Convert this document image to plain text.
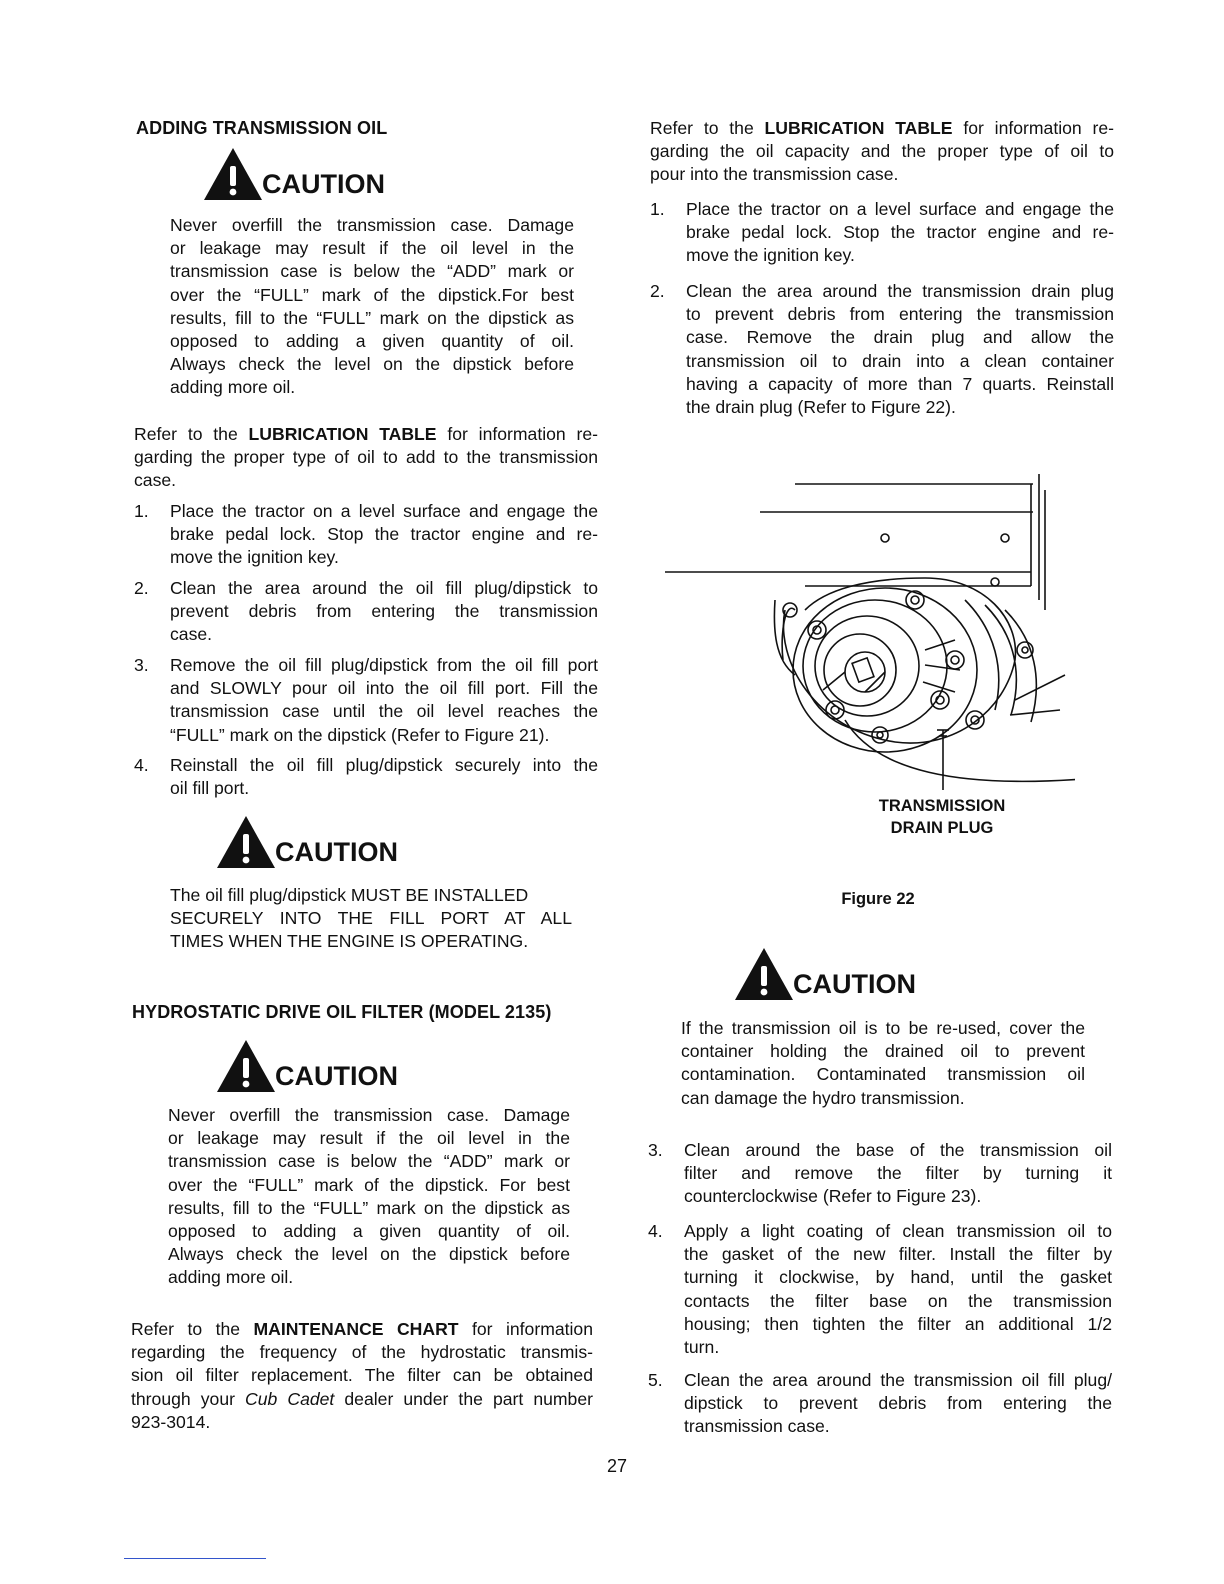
ADDING TRANSMISSION OIL
CAUTION
Never overfill the transmission case. Damage
or leakage may result if the oil level in the
transmission case is below the “ADD” mark or
over the “FULL” mark of the dipstick.For best
results, fill to the “FULL” mark on the dipstick as
opposed to adding a given quantity of oil.
Always check the level on the dipstick before
adding more oil.
Refer to the LUBRICATION TABLE for information re-
garding the proper type of oil to add to the transmission
case.
1. Place the tractor on a level surface and engage the
brake pedal lock. Stop the tractor engine and re-
move the ignition key.
2. Clean the area around the oil fill plug/dipstick to
prevent debris from entering the transmission
case.
3. Remove the oil fill plug/dipstick from the oil fill port
and SLOWLY pour oil into the oil fill port. Fill the
transmission case until the oil level reaches the
“FULL” mark on the dipstick (Refer to Figure 21).
4. Reinstall the oil fill plug/dipstick securely into the
oil fill port.
CAUTION
The oil fill plug/dipstick MUST BE INSTALLED
SECURELY INTO THE FILL PORT AT ALL
TIMES WHEN THE ENGINE IS OPERATING.
HYDROSTATIC DRIVE OIL FILTER (MODEL 2135)
CAUTION
Never overfill the transmission case. Damage
or leakage may result if the oil level in the
transmission case is below the “ADD” mark or
over the “FULL” mark of the dipstick. For best
results, fill to the “FULL” mark on the dipstick as
opposed to adding a given quantity of oil.
Always check the level on the dipstick before
adding more oil.
Refer to the MAINTENANCE CHART for information
regarding the frequency of the hydrostatic transmis-
sion oil filter replacement. The filter can be obtained
through your Cub Cadet dealer under the part number
923-3014.
Refer to the LUBRICATION TABLE for information re-
garding the oil capacity and the proper type of oil to
pour into the transmission case.
1. Place the tractor on a level surface and engage the
brake pedal lock. Stop the tractor engine and re-
move the ignition key.
2. Clean the area around the transmission drain plug
to prevent debris from entering the transmission
case. Remove the drain plug and allow the
transmission oil to drain into a clean container
having a capacity of more than 7 quarts. Reinstall
the drain plug (Refer to Figure 22).
TRANSMISSION
DRAIN PLUG
Figure 22
CAUTION
If the transmission oil is to be re-used, cover the
container holding the drained oil to prevent
contamination. Contaminated transmission oil
can damage the hydro transmission.
3. Clean around the base of the transmission oil
filter and remove the filter by turning it
counterclockwise (Refer to Figure 23).
4. Apply a light coating of clean transmission oil to
the gasket of the new filter. Install the filter by
turning it clockwise, by hand, until the gasket
contacts the filter base on the transmission
housing; then tighten the filter an additional 1/2
turn.
5. Clean the area around the transmission oil fill plug/
dipstick to prevent debris from entering the
transmission case.
27
